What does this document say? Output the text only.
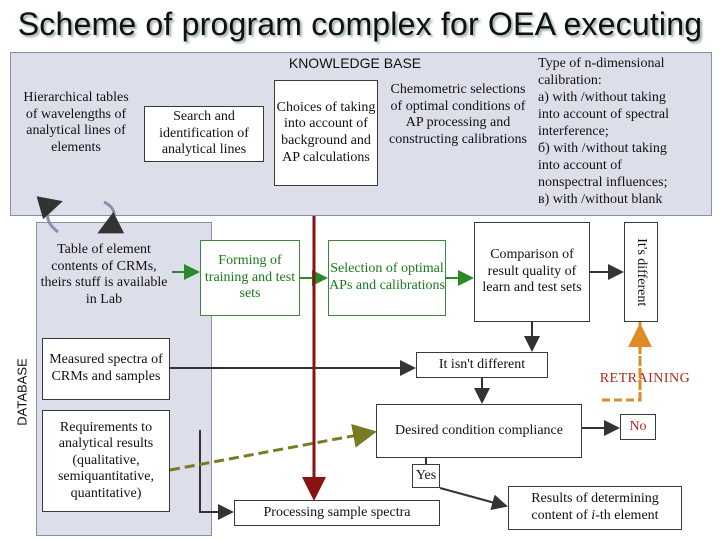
Scheme of program complex for OEA executing
KNOWLEDGE BASE
Hierarchical tables of wavelengths of analytical lines of elements
Search and identification of analytical lines
Choices of taking into account of background and AP calculations
Chemometric selections of optimal conditions of AP processing and constructing calibrations
Type of n-dimensional
calibration:
a) with /without taking
into account of spectral
interference;
б) with /without taking
into account of
nonspectral influences;
в) with /without blank
DATABASE
Table of element contents of CRMs, theirs stuff is available in Lab
Measured spectra of CRMs and samples
Requirements to analytical results (qualitative, semiquantitative, quantitative)
Forming of training and test sets
Selection of optimal APs and calibrations
Comparison of result quality of learn and test sets	It's different
It isn't different
RETRAINING
Desired condition compliance	No
Yes
Processing sample spectra
Results of determining
content of i-th element
